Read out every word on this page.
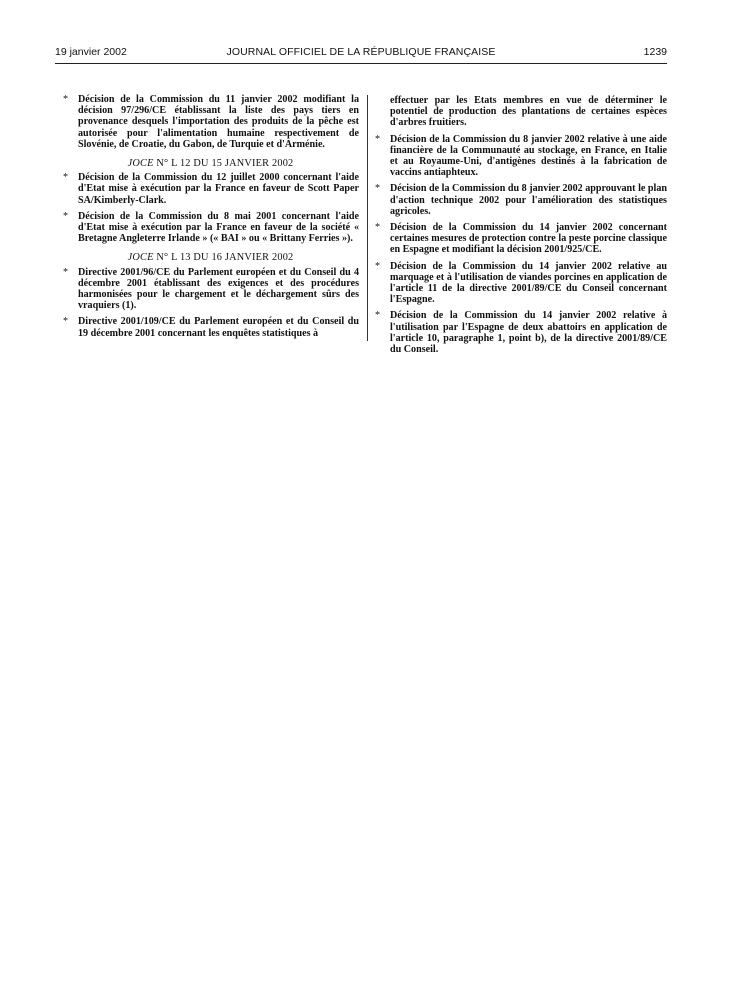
19 janvier 2002	JOURNAL OFFICIEL DE LA RÉPUBLIQUE FRANÇAISE	1239
* Décision de la Commission du 11 janvier 2002 modifiant la décision 97/296/CE établissant la liste des pays tiers en provenance desquels l'importation des produits de la pêche est autorisée pour l'alimentation humaine respectivement de Slovénie, de Croatie, du Gabon, de Turquie et d'Arménie.
JOCE N° L 12 DU 15 JANVIER 2002
* Décision de la Commission du 12 juillet 2000 concernant l'aide d'Etat mise à exécution par la France en faveur de Scott Paper SA/Kimberly-Clark.
* Décision de la Commission du 8 mai 2001 concernant l'aide d'Etat mise à exécution par la France en faveur de la société « Bretagne Angleterre Irlande » (« BAI » ou « Brittany Ferries »).
JOCE N° L 13 DU 16 JANVIER 2002
* Directive 2001/96/CE du Parlement européen et du Conseil du 4 décembre 2001 établissant des exigences et des procédures harmonisées pour le chargement et le déchargement sûrs des vraquiers (1).
* Directive 2001/109/CE du Parlement européen et du Conseil du 19 décembre 2001 concernant les enquêtes statistiques à
effectuer par les Etats membres en vue de déterminer le potentiel de production des plantations de certaines espèces d'arbres fruitiers.
* Décision de la Commission du 8 janvier 2002 relative à une aide financière de la Communauté au stockage, en France, en Italie et au Royaume-Uni, d'antigènes destinés à la fabrication de vaccins antiaphteux.
* Décision de la Commission du 8 janvier 2002 approuvant le plan d'action technique 2002 pour l'amélioration des statistiques agricoles.
* Décision de la Commission du 14 janvier 2002 concernant certaines mesures de protection contre la peste porcine classique en Espagne et modifiant la décision 2001/925/CE.
* Décision de la Commission du 14 janvier 2002 relative au marquage et à l'utilisation de viandes porcines en application de l'article 11 de la directive 2001/89/CE du Conseil concernant l'Espagne.
* Décision de la Commission du 14 janvier 2002 relative à l'utilisation par l'Espagne de deux abattoirs en application de l'article 10, paragraphe 1, point b), de la directive 2001/89/CE du Conseil.
